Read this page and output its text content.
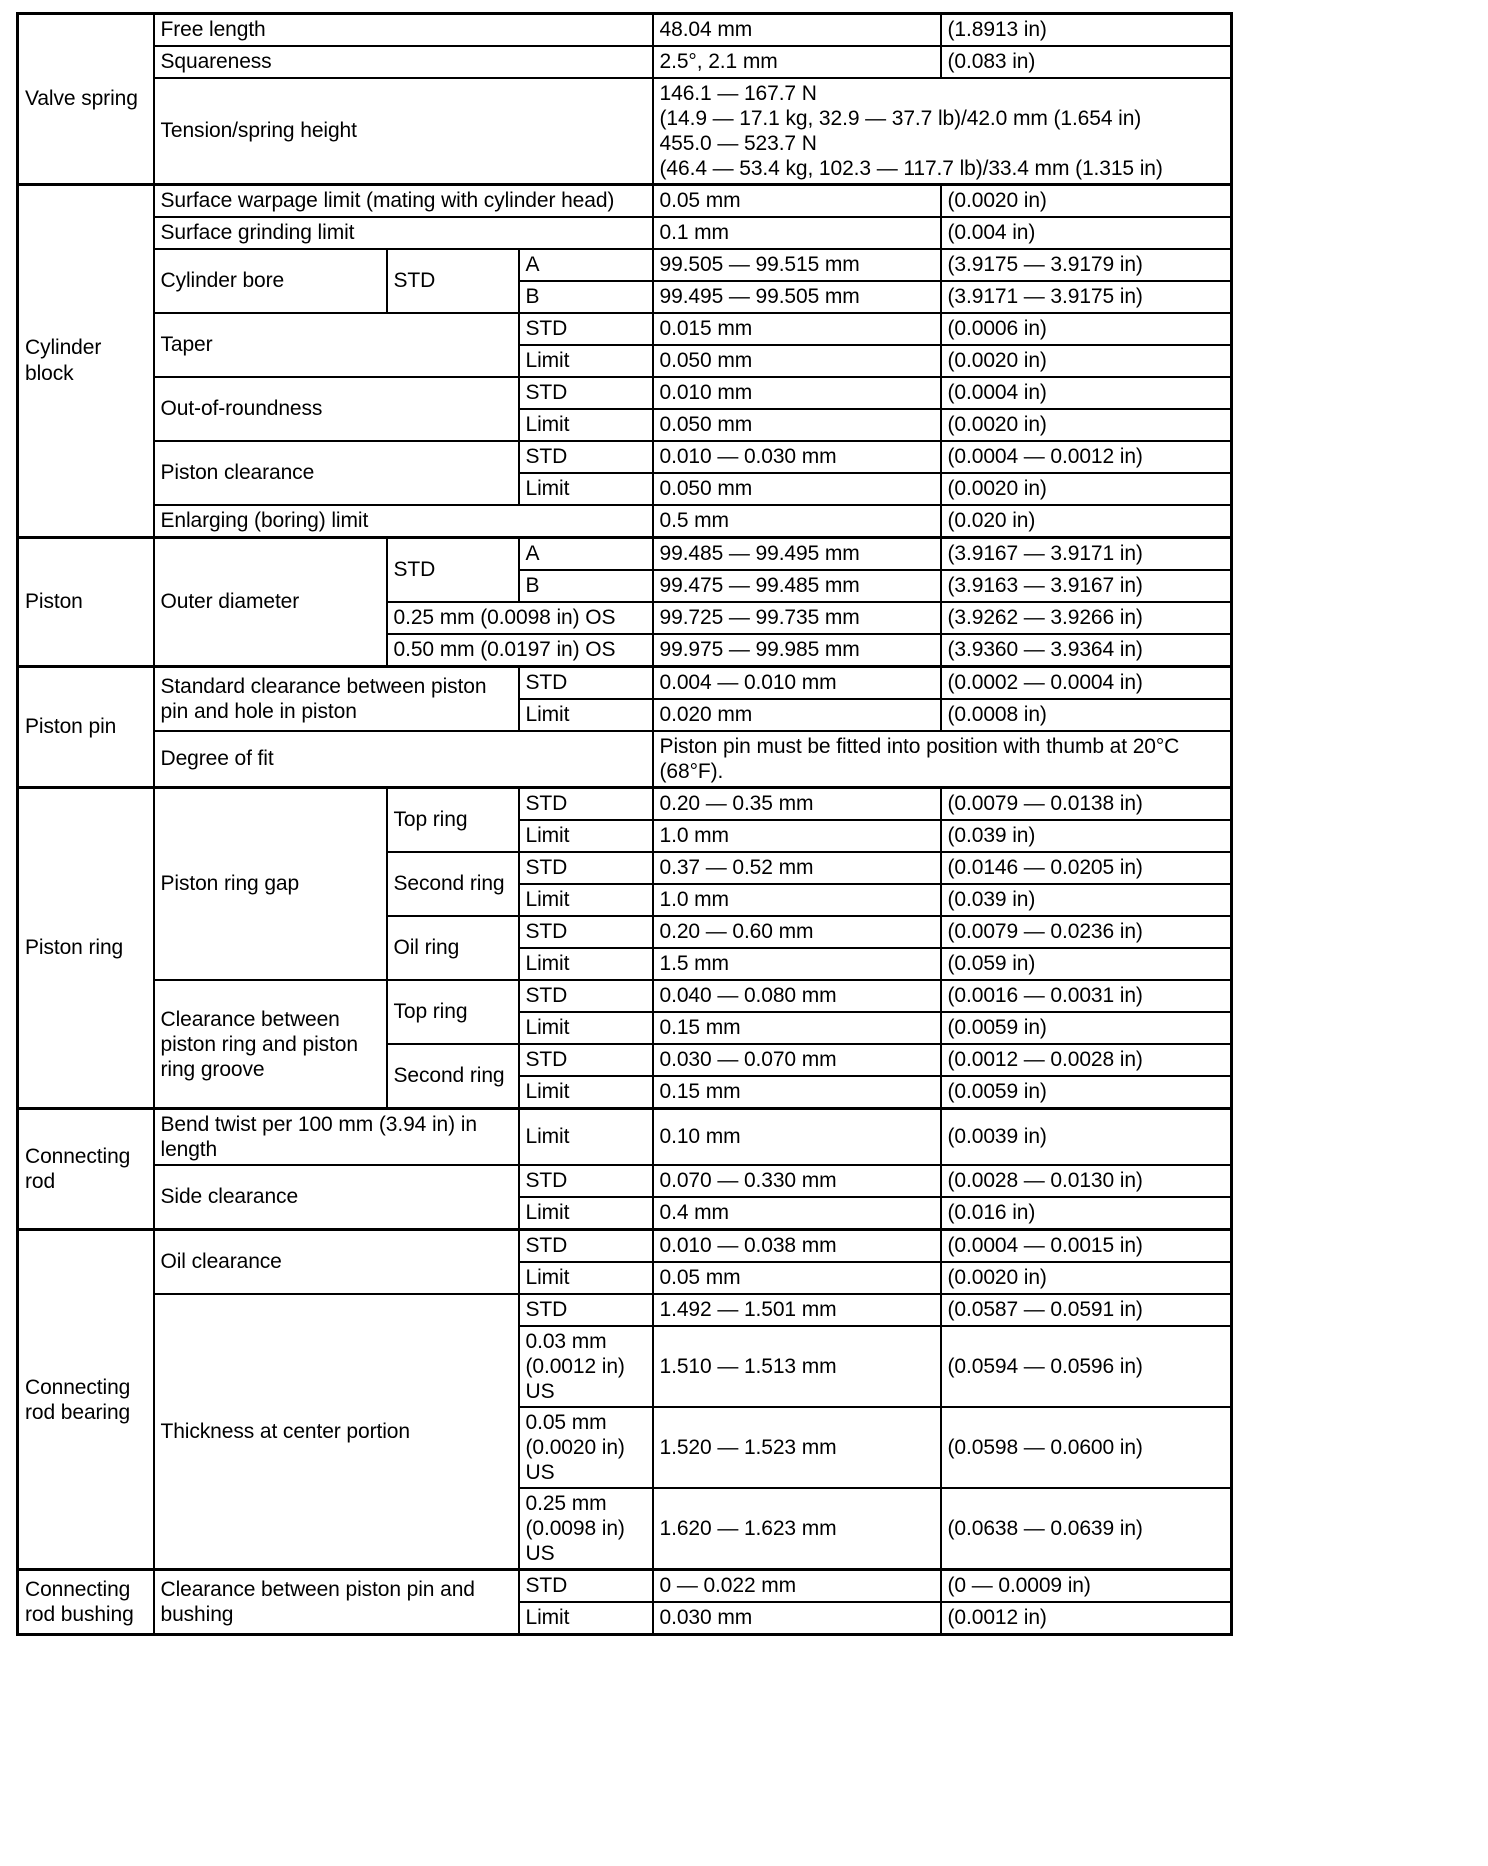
Valve spring	Free length			48.04 mm	(1.8913 in)
	Squareness			2.5°, 2.1 mm	(0.083 in)
	Tension/spring height			146.1 — 167.7 N
(14.9 — 17.1 kg, 32.9 — 37.7 lb)/42.0 mm (1.654 in)
455.0 — 523.7 N
(46.4 — 53.4 kg, 102.3 — 117.7 lb)/33.4 mm (1.315 in)	

Cylinder block	Surface warpage limit (mating with cylinder head)			0.05 mm	(0.0020 in)
	Surface grinding limit			0.1 mm	(0.004 in)
	Cylinder bore	STD	A	99.505 — 99.515 mm	(3.9175 — 3.9179 in)
			B	99.495 — 99.505 mm	(3.9171 — 3.9175 in)
	Taper		STD	0.015 mm	(0.0006 in)
			Limit	0.050 mm	(0.0020 in)
	Out-of-roundness		STD	0.010 mm	(0.0004 in)
			Limit	0.050 mm	(0.0020 in)
	Piston clearance		STD	0.010 — 0.030 mm	(0.0004 — 0.0012 in)
			Limit	0.050 mm	(0.0020 in)
	Enlarging (boring) limit			0.5 mm	(0.020 in)
Piston	Outer diameter	STD	A	99.485 — 99.495 mm	(3.9167 — 3.9171 in)
			B	99.475 — 99.485 mm	(3.9163 — 3.9167 in)
		0.25 mm (0.0098 in) OS		99.725 — 99.735 mm	(3.9262 — 3.9266 in)
		0.50 mm (0.0197 in) OS		99.975 — 99.985 mm	(3.9360 — 3.9364 in)
Piston pin	Standard clearance between piston pin and hole in piston		STD	0.004 — 0.010 mm	(0.0002 — 0.0004 in)
			Limit	0.020 mm	(0.0008 in)
	Degree of fit			Piston pin must be fitted into position with thumb at 20°C (68°F).	
Piston ring	Piston ring gap	Top ring	STD	0.20 — 0.35 mm	(0.0079 — 0.0138 in)
			Limit	1.0 mm	(0.039 in)
		Second ring	STD	0.37 — 0.52 mm	(0.0146 — 0.0205 in)
			Limit	1.0 mm	(0.039 in)
		Oil ring	STD	0.20 — 0.60 mm	(0.0079 — 0.0236 in)
			Limit	1.5 mm	(0.059 in)
	Clearance between piston ring and piston ring groove	Top ring	STD	0.040 — 0.080 mm	(0.0016 — 0.0031 in)
			Limit	0.15 mm	(0.0059 in)
		Second ring	STD	0.030 — 0.070 mm	(0.0012 — 0.0028 in)
			Limit	0.15 mm	(0.0059 in)
Connecting rod	Bend twist per 100 mm (3.94 in) in length		Limit	0.10 mm	(0.0039 in)
	Side clearance		STD	0.070 — 0.330 mm	(0.0028 — 0.0130 in)
			Limit	0.4 mm	(0.016 in)
Connecting rod bearing	Oil clearance		STD	0.010 — 0.038 mm	(0.0004 — 0.0015 in)
			Limit	0.05 mm	(0.0020 in)
	Thickness at center portion		STD	1.492 — 1.501 mm	(0.0587 — 0.0591 in)
			0.03 mm (0.0012 in) US	1.510 — 1.513 mm	(0.0594 — 0.0596 in)
			0.05 mm (0.0020 in) US	1.520 — 1.523 mm	(0.0598 — 0.0600 in)
			0.25 mm (0.0098 in) US	1.620 — 1.623 mm	(0.0638 — 0.0639 in)
Connecting rod bushing	Clearance between piston pin and bushing		STD	0 — 0.022 mm	(0 — 0.0009 in)
			Limit	0.030 mm	(0.0012 in)
